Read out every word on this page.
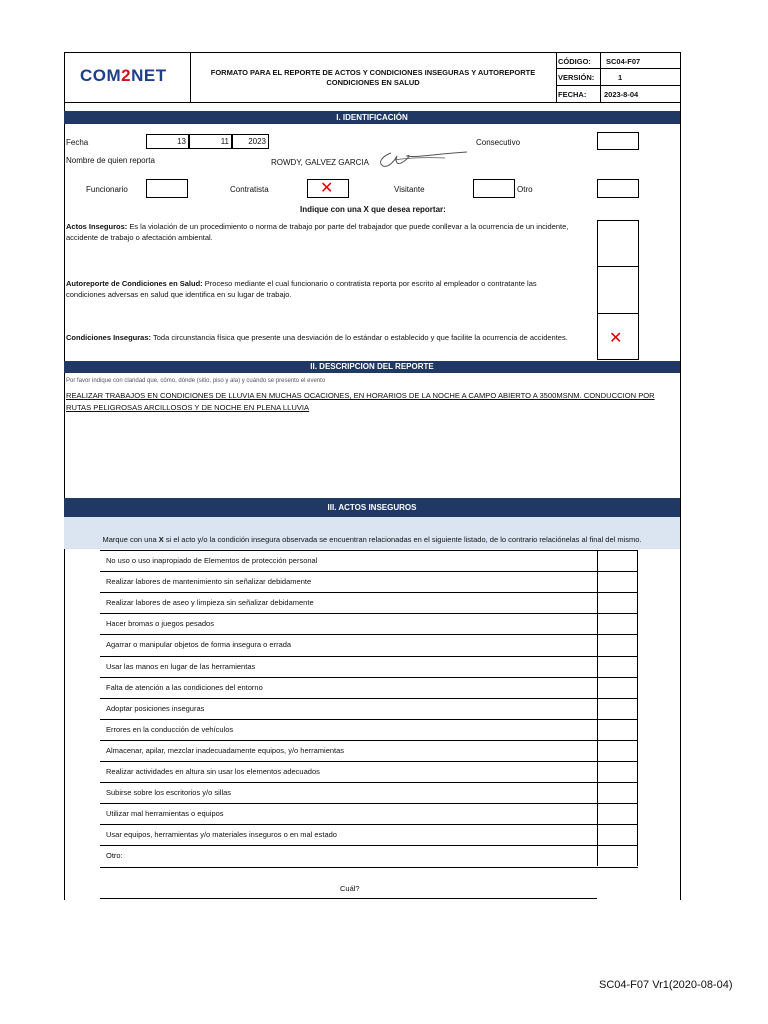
COM2NET	FORMATO PARA EL REPORTE DE ACTOS Y CONDICIONES INSEGURAS Y AUTOREPORTE
CONDICIONES EN SALUD
CÓDIGO: SC04-F07
VERSIÓN:	1
FECHA: 2023-8-04
I. IDENTIFICACIÓN
Fecha	13	11	2023	Consecutivo
Nombre de quien reporta	ROWDY, GALVEZ GARCIA
Funcionario	Contratista	✕	Visitante	Otro
Indique con una X que desea reportar:
Actos Inseguros: Es la violación de un procedimiento o norma de trabajo por parte del trabajador que puede conllevar a la ocurrencia de un incidente,
accidente de trabajo o afectación ambiental.
Autoreporte de Condiciones en Salud: Proceso mediante el cual funcionario o contratista reporta por escrito al empleador o contratante las
condiciones adversas en salud que identifica en su lugar de trabajo.
Condiciones Inseguras: Toda circunstancia física que presente una desviación de lo estándar o establecido y que facilite la ocurrencia de accidentes.	✕
II. DESCRIPCION DEL REPORTE
Por favor indique con claridad que, cómo, dónde (sitio, piso y ala) y cuándo se presento el evento
REALIZAR TRABAJOS EN CONDICIONES DE LLUVIA EN MUCHAS OCACIONES, EN HORARIOS DE LA NOCHE A CAMPO ABIERTO A 3500MSNM. CONDUCCION POR
RUTAS PELIGROSAS ARCILLOSOS Y DE NOCHE EN PLENA LLUVIA
III. ACTOS INSEGUROS
Marque con una X si el acto y/o la condición insegura observada se encuentran relacionadas en el siguiente listado, de lo contrario relaciónelas al final del mismo.
No uso o uso inapropiado de Elementos de protección personal
Realizar labores de mantenimiento sin señalizar debidamente
Realizar labores de aseo y limpieza sin señalizar debidamente
Hacer bromas o juegos pesados
Agarrar o manipular objetos de forma insegura o errada
Usar las manos en lugar de las herramientas
Falta de atención a las condiciones del entorno
Adoptar posiciones inseguras
Errores en la conducción de vehículos
Almacenar, apilar, mezclar inadecuadamente equipos, y/o herramientas
Realizar actividades en altura sin usar los elementos adecuados
Subirse sobre los escritorios y/o sillas
Utilizar mal herramientas o equipos
Usar equipos, herramientas y/o materiales inseguros o en mal estado
Otro:
Cuál?
SC04-F07 Vr1(2020-08-04)
